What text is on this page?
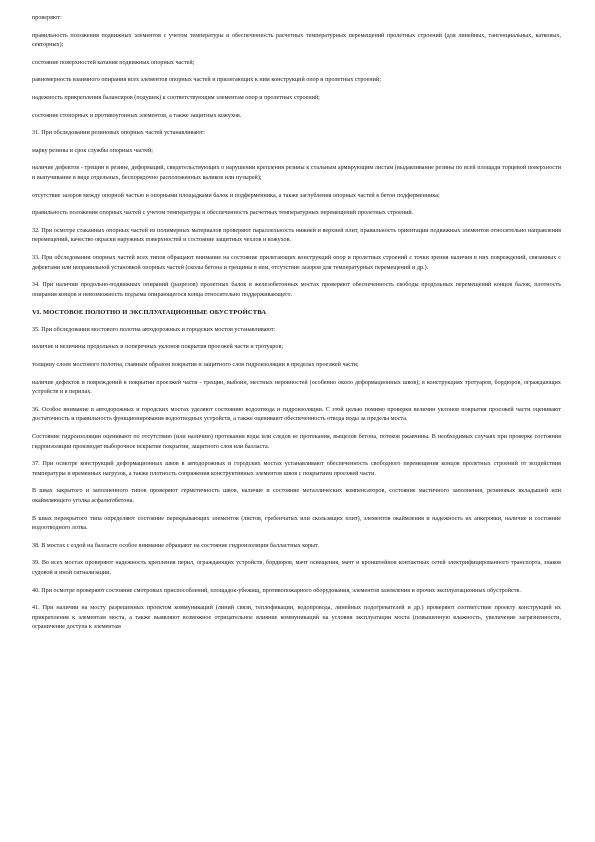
проверяют:

правильность положения подвижных элементов с учетом температуры и обеспеченность расчетных температурных перемещений пролетных строений (для линейных, тангенциальных, катковых, секторных);

состояние поверхностей катания подвижных опорных частей;

равномерность взаимного опирания всех элементов опорных частей и прилегающих к ним конструкций опор и пролетных строений;

надежность прикрепления балансиров (подушек) к соответствующим элементам опор и пролетных строений;

состояние стопорных и противоугонных элементов, а также защитных кожухов.

31. При обследовании резиновых опорных частей устанавливают:

марку резины и срок службы опорных частей;

наличие дефектов - трещин в резине, деформаций, свидетельствующих о нарушении крепления резины к стальным армирующим листам (выдавливание резины по всей площади торцевой поверхности и выпучивание в виде отдельных, беспорядочно расположенных валиков или пузырей);

отсутствие зазоров между опорной частью и опорными площадками балок и подферменника, а также заглубления опорных частей в бетон подферменника;

правильность положения опорных частей с учетом температуры и обеспеченность расчетных температурных перемещений пролетных строений.

32. При осмотре стаканных опорных частей из полимерных материалов проверяют параллельность нижней и верхней плит, правильность ориентации подвижных элементов относительно направления перемещений, качество окраски наружных поверхностей и состояние защитных чехлов и кожухов.

33. При обследовании опорных частей всех типов обращают внимание на состояние прилегающих конструкций опор и пролетных строений с точки зрения наличия в них повреждений, связанных с дефектами или неправильной установкой опорных частей (сколы бетона и трещины в нем, отсутствие зазоров для температурных перемещений и др.).

34. При наличии продольно-подвижных опираний (разрезов) пролетных балок в железобетонных мостах проверяют обеспеченность свободы продольных перемещений концов балок, плотность опирания концов и невозможность подъема опирающегося конца относительно поддерживающего.

VI. МОСТОВОЕ ПОЛОТНО И ЭКСПЛУАТАЦИОННЫЕ ОБУСТРОЙСТВА

35. При обследовании мостового полотна автодорожных и городских мостов устанавливают:

наличие и величины продольных и поперечных уклонов покрытия проезжей части и тротуаров;

толщину слоев мостового полотна, главным образом покрытия и защитного слоя гидроизоляции в пределах проезжей части;

наличие дефектов и повреждений в покрытии проезжей части - трещин, выбоин, местных неровностей (особенно около деформационных швов); в конструкциях тротуаров, бордюров, ограждающих устройств и в перилах.

36. Особое внимание в автодорожных и городских мостах уделяют состоянию водоотвода и гидроизоляции. С этой целью помимо проверки величин уклонов покрытия проезжей части оценивают достаточность и правильность функционирования водоотводных устройств, а также оценивают обеспеченность отвода воды за пределы моста.

Состояние гидроизоляции оценивают по отсутствию (или наличию) протекания воды или следов ее протекания, выщелов бетона, потеков ржавчины. В необходимых случаях при проверке состояния гидроизоляции производят выборочное вскрытие покрытия, защитного слоя или балласта.

37. При осмотре конструкций деформационных швов в автодорожных и городских мостах устанавливают обеспеченность свободного перемещения концов пролетных строений от воздействия температуры и временных нагрузок, а также плотность сопряжения конструктивных элементов швов с покрытием проезжей части.

В швах закрытого и заполненного типов проверяют герметичность швов, наличие и состояние металлических компенсаторов, состояние мастичного заполнения, резиновых вкладышей или окаймляющего уголка асфальтобетона.

В швах перекрытого типа определяют состояние перекрывающих элементов (листов, гребенчатых или скользящих плит), элементов окаймления и надежность их анкеровки, наличие и состояние водоотводного лотка.

38. В мостах с ездой на балласте особое внимание обращают на состояние гидроизоляции балластных корыт.

39. Во всех мостах проверяют надежность крепления перил, ограждающих устройств, бордюров, мачт освещения, мачт и кронштейнов контактных сетей электрифицированного транспорта, знаков судовой и иной сигнализации.

40. При осмотре проверяют состояние смотровых приспособлений, площадок-убежищ, противопожарного оборудования, элементов заземления и прочих эксплуатационных обустройств.

41. При наличии на мосту разрешенных проектом коммуникаций (линий связи, теплофикации, водопровода, линейных подогревателей и др.) проверяют соответствие проекту конструкций их прикрепления к элементам моста, а также выявляют возможное отрицательное влияние коммуникаций на условия эксплуатации моста (повышенную влажность, увеличение загрязненности, ограничение доступа к элементам
